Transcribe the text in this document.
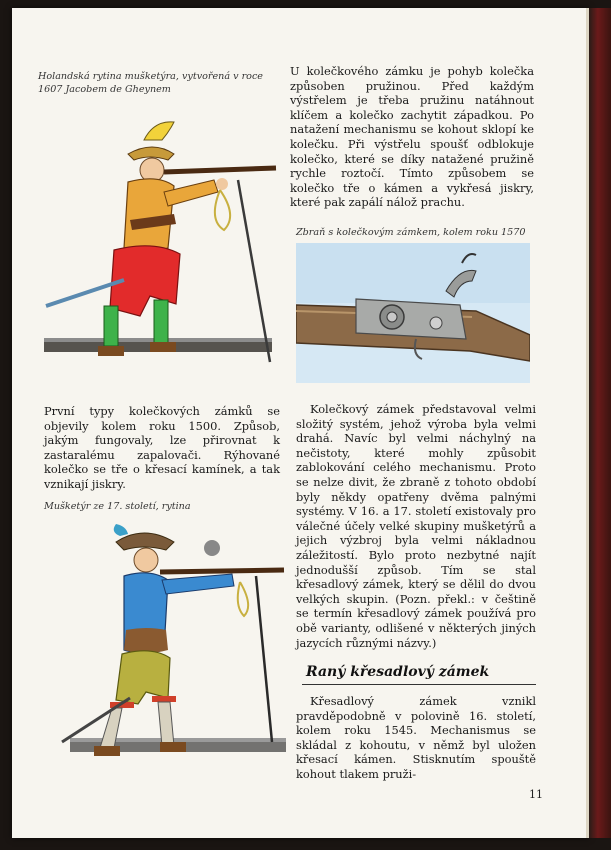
Holandská rytina mušketýra, vytvořená v roce 1607 Jacobem de Gheynem

U kolečkového zámku je pohyb kolečka způsoben pružinou. Před každým výstřelem je třeba pružinu natáhnout klíčem a kolečko zachytit západkou. Po natažení mechanismu se kohout sklopí ke kolečku. Při výstřelu spoušť odblokuje kolečko, které se díky natažené pružině rychle roztočí. Tímto způsobem se kolečko tře o kámen a vykřesá jiskry, které pak zapálí nálož prachu.

Zbraň s kolečkovým zámkem, kolem roku 1570

První typy kolečkových zámků se objevily kolem roku 1500. Způsob, jakým fungovaly, lze přirovnat k zastaralému zapalovači. Rýhované kolečko se tře o křesací kamínek, a tak vznikají jiskry.

Mušketýr ze 17. století, rytina

Kolečkový zámek představoval velmi složitý systém, jehož výroba byla velmi drahá. Navíc byl velmi náchylný na nečistoty, které mohly způsobit zablokování celého mechanismu. Proto se nelze divit, že zbraně z tohoto období byly někdy opatřeny dvěma palnými systémy. V 16. a 17. století existovaly pro válečné účely velké skupiny mušketýrů a jejich výzbroj byla velmi nákladnou záležitostí. Bylo proto nezbytné najít jednodušší způsob. Tím se stal křesadlový zámek, který se dělil do dvou velkých skupin. (Pozn. překl.: v češtině se termín křesadlový zámek používá pro obě varianty, odlišené v některých jiných jazycích různými názvy.)

Raný křesadlový zámek

Křesadlový zámek vznikl pravděpodobně v polovině 16. století, kolem roku 1545. Mechanismus se skládal z kohoutu, v němž byl uložen křesací kámen. Stisknutím spouště kohout tlakem pruži-

11
